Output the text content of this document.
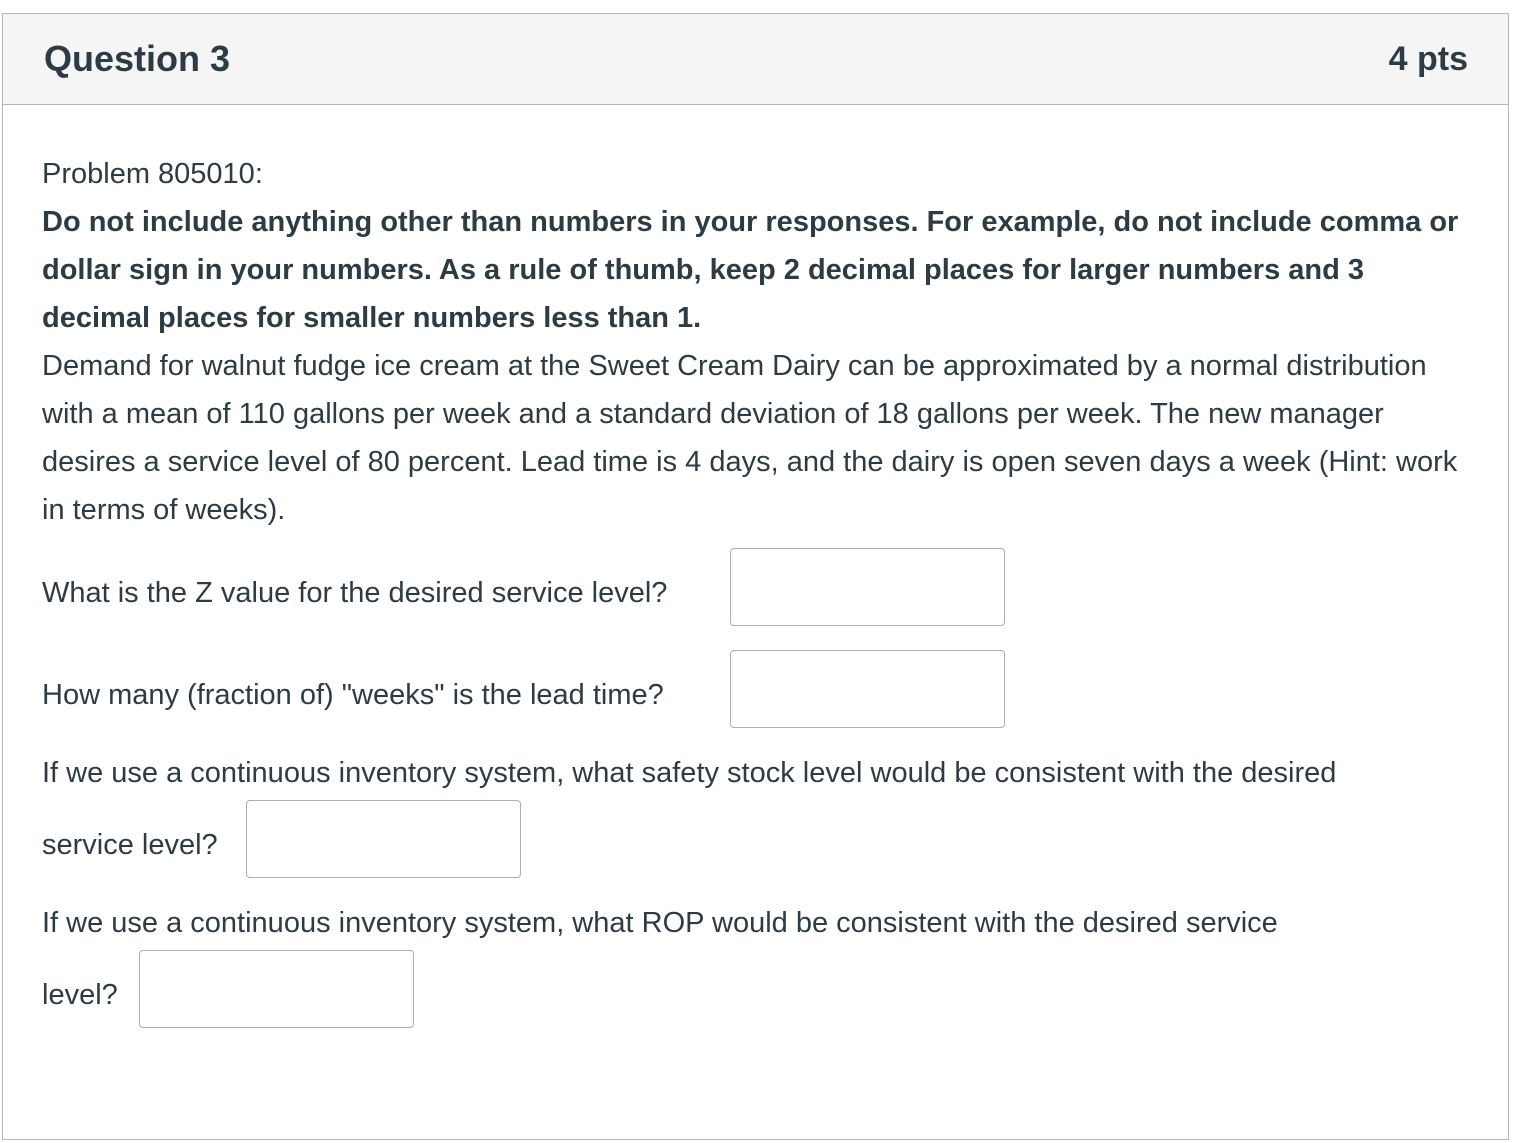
Question 3	4 pts

Problem 805010:

Do not include anything other than numbers in your responses. For example, do not include comma or dollar sign in your numbers. As a rule of thumb, keep 2 decimal places for larger numbers and 3 decimal places for smaller numbers less than 1.

Demand for walnut fudge ice cream at the Sweet Cream Dairy can be approximated by a normal distribution with a mean of 110 gallons per week and a standard deviation of 18 gallons per week. The new manager desires a service level of 80 percent. Lead time is 4 days, and the dairy is open seven days a week (Hint: work in terms of weeks).

What is the Z value for the desired service level?
How many (fraction of) "weeks" is the lead time?
If we use a continuous inventory system, what safety stock level would be consistent with the desired
service level?
If we use a continuous inventory system, what ROP would be consistent with the desired service
level?
